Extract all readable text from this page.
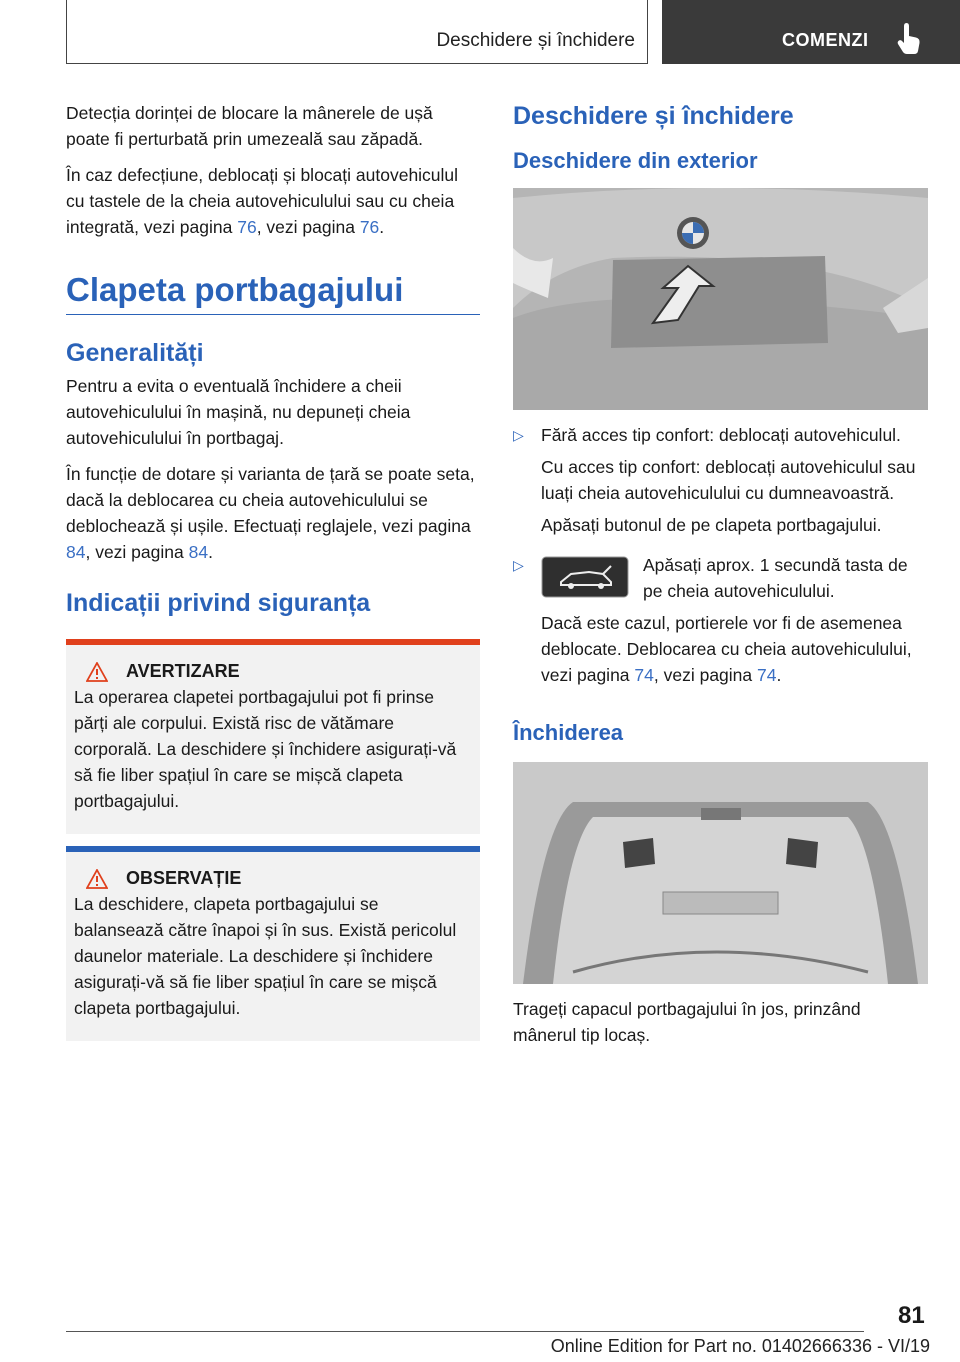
Deschidere și închidere	COMENZI

Detecția dorinței de blocare la mânerele de ușă poate fi perturbată prin umezeală sau zăpadă.

În caz defecțiune, deblocați și blocați autovehiculul cu tastele de la cheia autovehiculului sau cu cheia integrată, vezi pagina 76, vezi pagina 76.

Clapeta portbagajului
Generalități

Pentru a evita o eventuală închidere a cheii autovehiculului în mașină, nu depuneți cheia autovehiculului în portbagaj.

În funcție de dotare și varianta de țară se poate seta, dacă la deblocarea cu cheia autovehiculului se deblochează și ușile. Efectuați reglajele, vezi pagina 84, vezi pagina 84.

Indicații privind siguranța
AVERTIZARE

La operarea clapetei portbagajului pot fi prinse părți ale corpului. Există risc de vătămare corporală. La deschidere și închidere asigurați-vă să fie liber spațiul în care se mișcă clapeta portbagajului.

OBSERVAȚIE

La deschidere, clapeta portbagajului se balansează către înapoi și în sus. Există pericolul daunelor materiale. La deschidere și închidere asigurați-vă să fie liber spațiul în care se mișcă clapeta portbagajului.

Deschidere și închidere
Deschidere din exterior
▷ Fără acces tip confort: deblocați autovehiculul.

Cu acces tip confort: deblocați autovehiculul sau luați cheia autovehiculului cu dumneavoastră.

Apăsați butonul de pe clapeta portbagajului.

▷	Apăsați aprox. 1 secundă tasta de pe cheia autovehiculului.

Dacă este cazul, portierele vor fi de asemenea deblocate. Deblocarea cu cheia autovehiculului, vezi pagina 74, vezi pagina 74.

Închiderea

Trageți capacul portbagajului în jos, prinzând mânerul tip locaș.

81
Online Edition for Part no. 01402666336 - VI/19
